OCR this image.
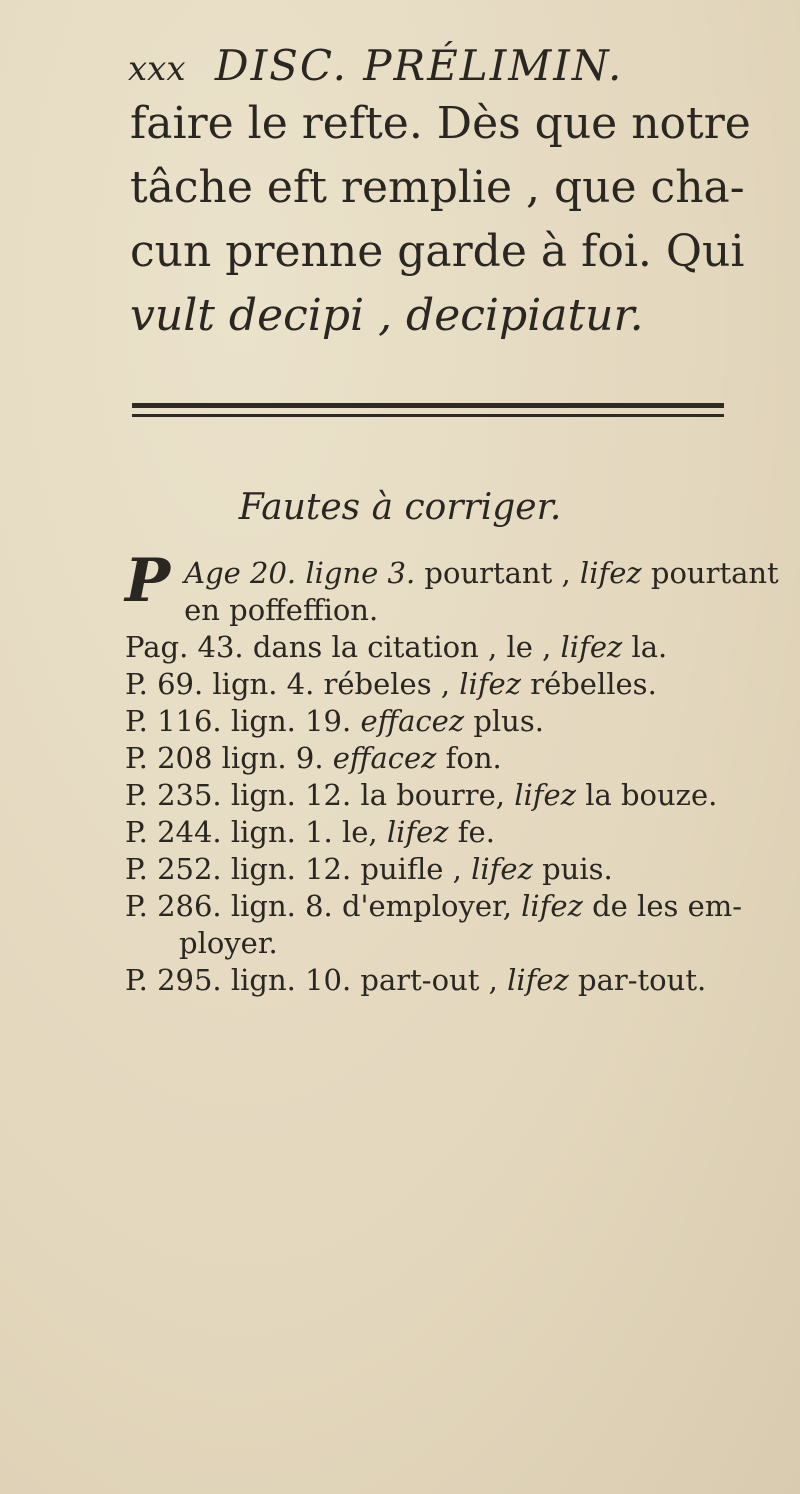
xxx DISC. PRÉLIMIN.
faire le refte. Dès que notre
tâche eft remplie , que cha-
cun prenne garde à foi. Qui
vult decipi , decipiatur.
Fautes à corriger.
P Age 20. ligne 3. pourtant , lifez pourtant
en poffeffion.
Pag. 43. dans la citation , le , lifez la.
P. 69. lign. 4. rébeles , lifez rébelles.
P. 116. lign. 19. effacez plus.
P. 208 lign. 9. effacez fon.
P. 235. lign. 12. la bourre, lifez la bouze.
P. 244. lign. 1. le, lifez fe.
P. 252. lign. 12. puifle , lifez puis.
P. 286. lign. 8. d'employer, lifez de les em-
ployer.
P. 295. lign. 10. part-out , lifez par-tout.
